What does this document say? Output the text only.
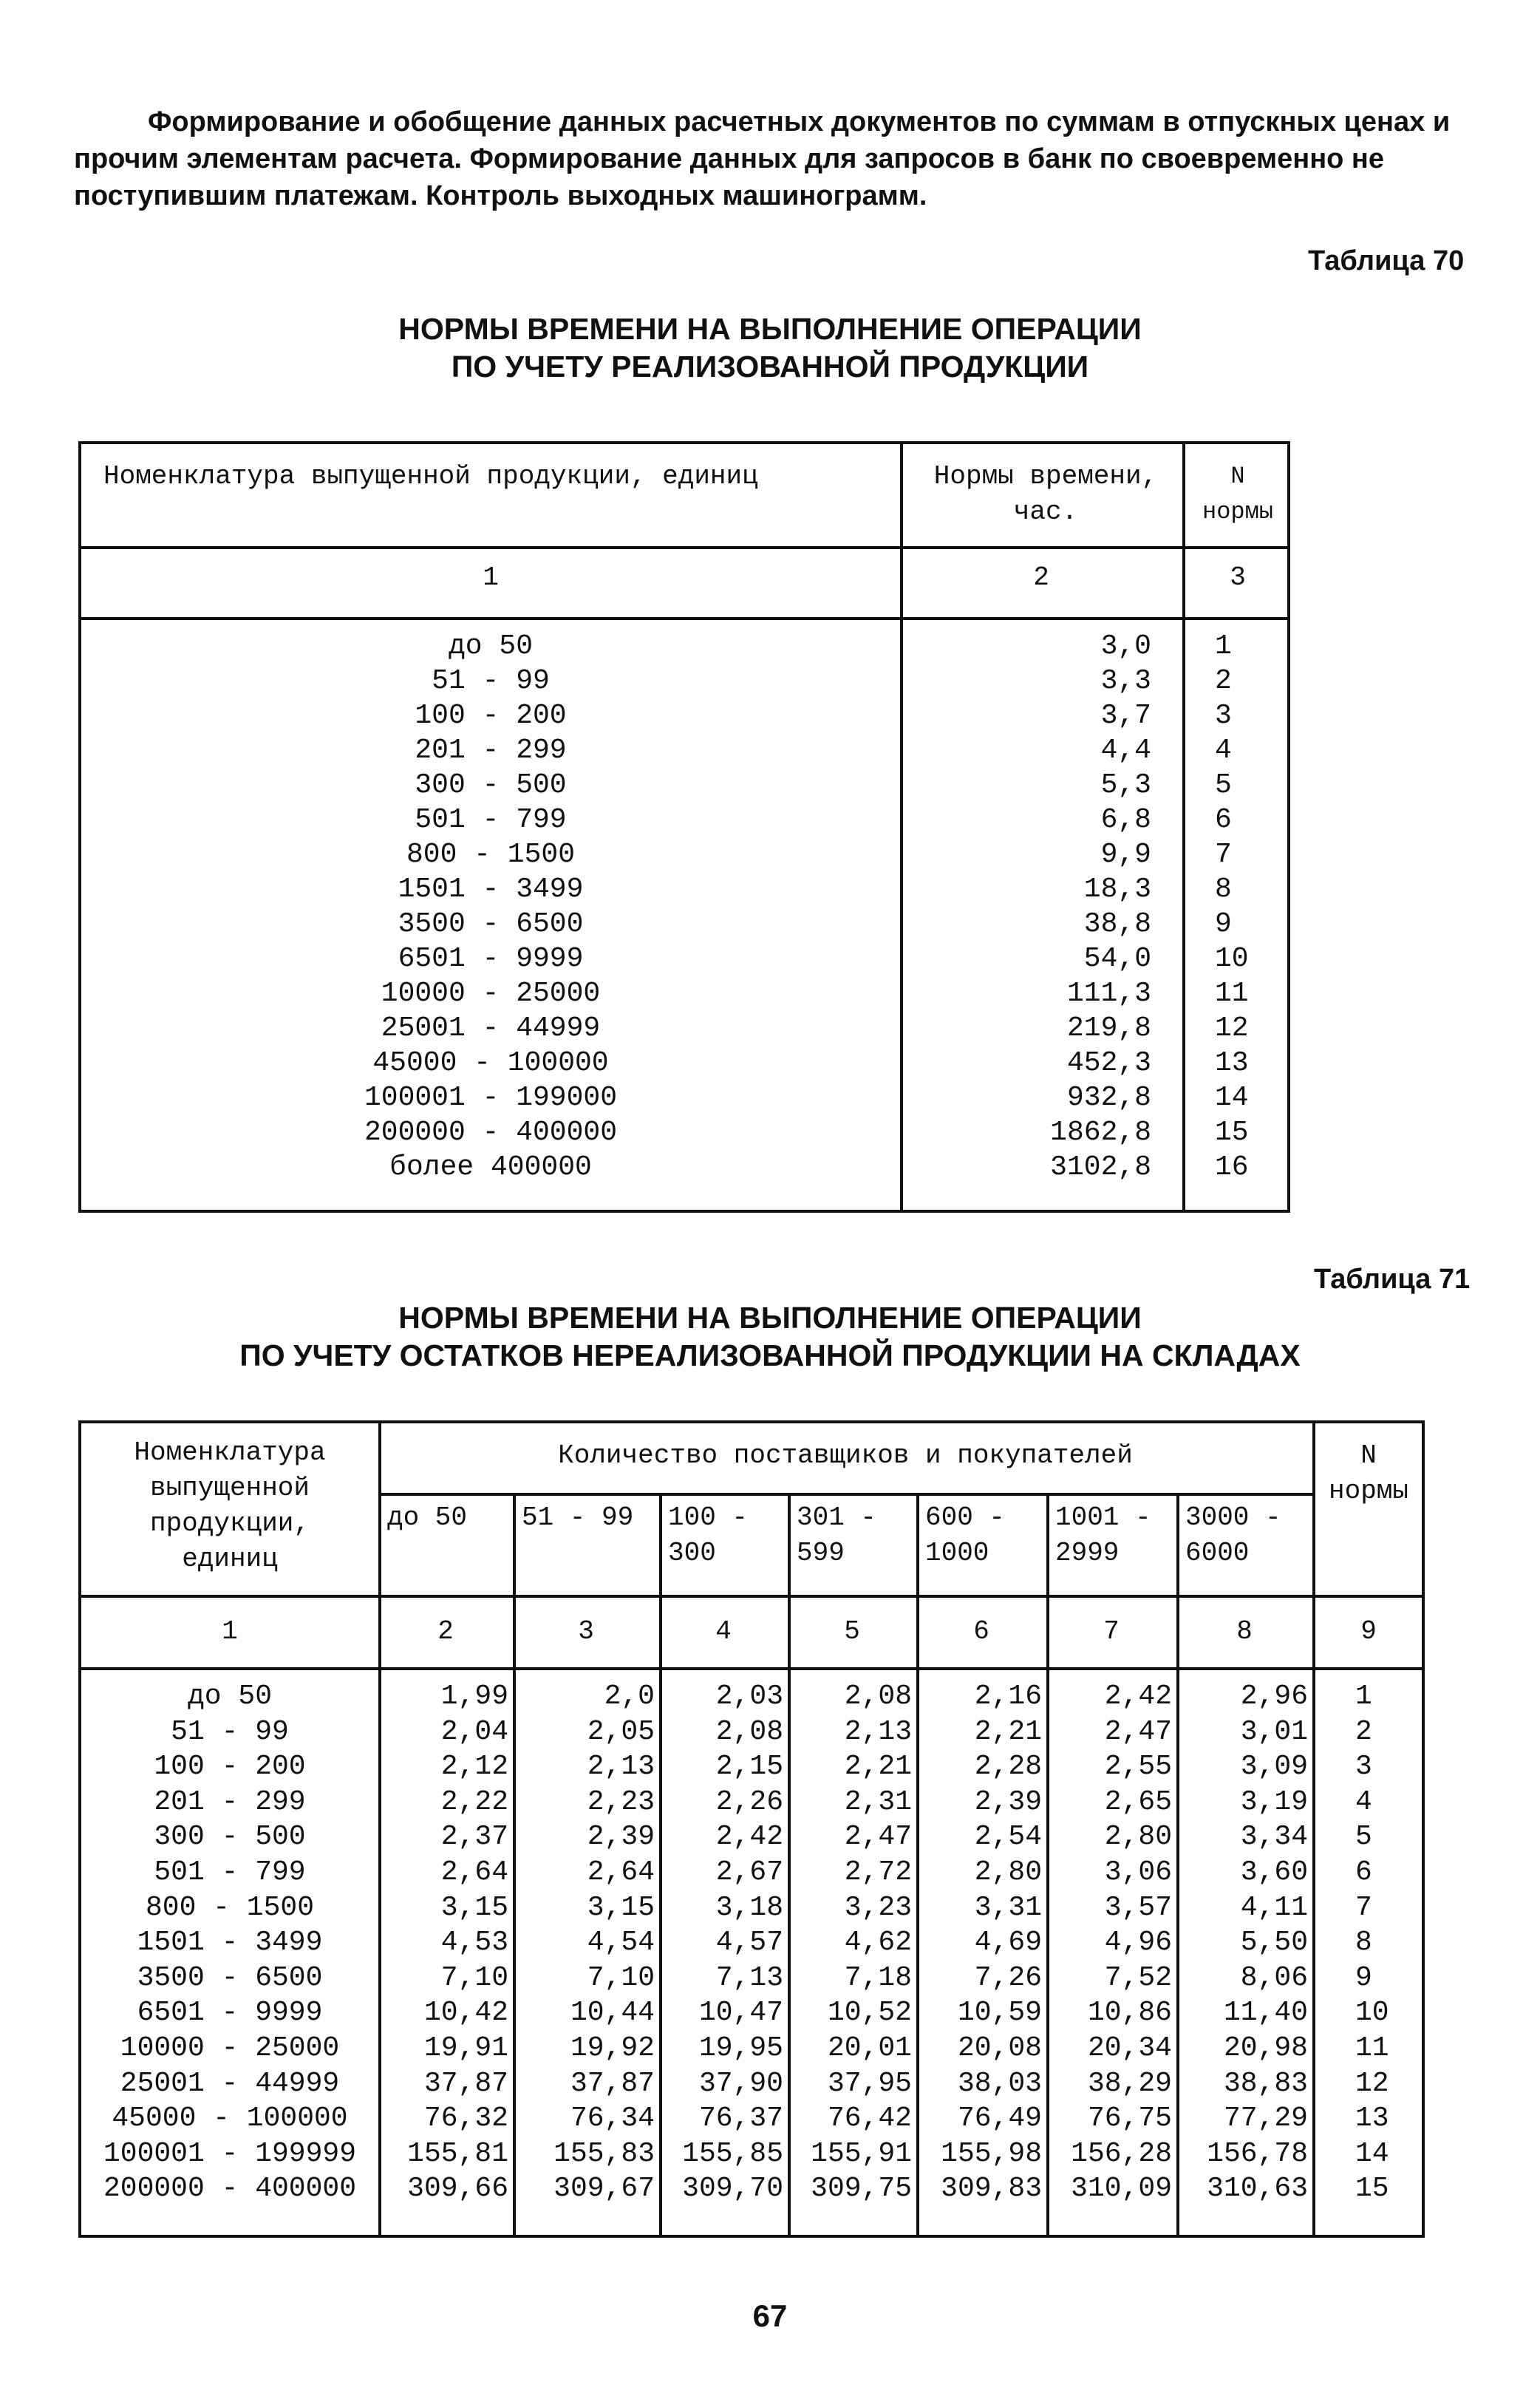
Формирование и обобщение данных расчетных документов по суммам в отпускных ценах и прочим элементам расчета. Формирование данных для запросов в банк по своевременно не поступившим платежам. Контроль выходных машинограмм.
Таблица 70
НОРМЫ ВРЕМЕНИ НА ВЫПОЛНЕНИЕ ОПЕРАЦИИ
ПО УЧЕТУ РЕАЛИЗОВАННОЙ ПРОДУКЦИИ
Номенклатура выпущенной продукции, единиц	Нормы времени,
час.
N
нормы
1	2	3
до 50	3,0	1
51 - 99	3,3	2
100 - 200	3,7	3
201 - 299	4,4	4
300 - 500	5,3	5
501 - 799	6,8	6
800 - 1500	9,9	7
1501 - 3499	18,3	8
3500 - 6500	38,8	9
6501 - 9999	54,0	10
10000 - 25000	111,3	11
25001 - 44999	219,8	12
45000 - 100000	452,3	13
100001 - 199000	932,8	14
200000 - 400000	1862,8	15
более 400000	3102,8	16
Таблица 71
НОРМЫ ВРЕМЕНИ НА ВЫПОЛНЕНИЕ ОПЕРАЦИИ
ПО УЧЕТУ ОСТАТКОВ НЕРЕАЛИЗОВАННОЙ ПРОДУКЦИИ НА СКЛАДАХ
Номенклатура
выпущенной
продукции,
единиц
Количество поставщиков и покупателей	N
нормы
до 50	51 - 99	100 -
300
301 -
599
600 -
1000
1001 -
2999
3000 -
6000
1	2	3	4	5	6	7	8	9
до 50	1,99	2,0	2,03	2,08	2,16	2,42	2,96	1
51 - 99	2,04	2,05	2,08	2,13	2,21	2,47	3,01	2
100 - 200	2,12	2,13	2,15	2,21	2,28	2,55	3,09	3
201 - 299	2,22	2,23	2,26	2,31	2,39	2,65	3,19	4
300 - 500	2,37	2,39	2,42	2,47	2,54	2,80	3,34	5
501 - 799	2,64	2,64	2,67	2,72	2,80	3,06	3,60	6
800 - 1500	3,15	3,15	3,18	3,23	3,31	3,57	4,11	7
1501 - 3499	4,53	4,54	4,57	4,62	4,69	4,96	5,50	8
3500 - 6500	7,10	7,10	7,13	7,18	7,26	7,52	8,06	9
6501 - 9999	10,42	10,44	10,47	10,52	10,59	10,86	11,40	10
10000 - 25000	19,91	19,92	19,95	20,01	20,08	20,34	20,98	11
25001 - 44999	37,87	37,87	37,90	37,95	38,03	38,29	38,83	12
45000 - 100000	76,32	76,34	76,37	76,42	76,49	76,75	77,29	13
100001 - 199999	155,81	155,83 155,85 155,91	155,98	156,28	156,78	14
200000 - 400000	309,66	309,67 309,70 309,75	309,83	310,09	310,63	15
67
